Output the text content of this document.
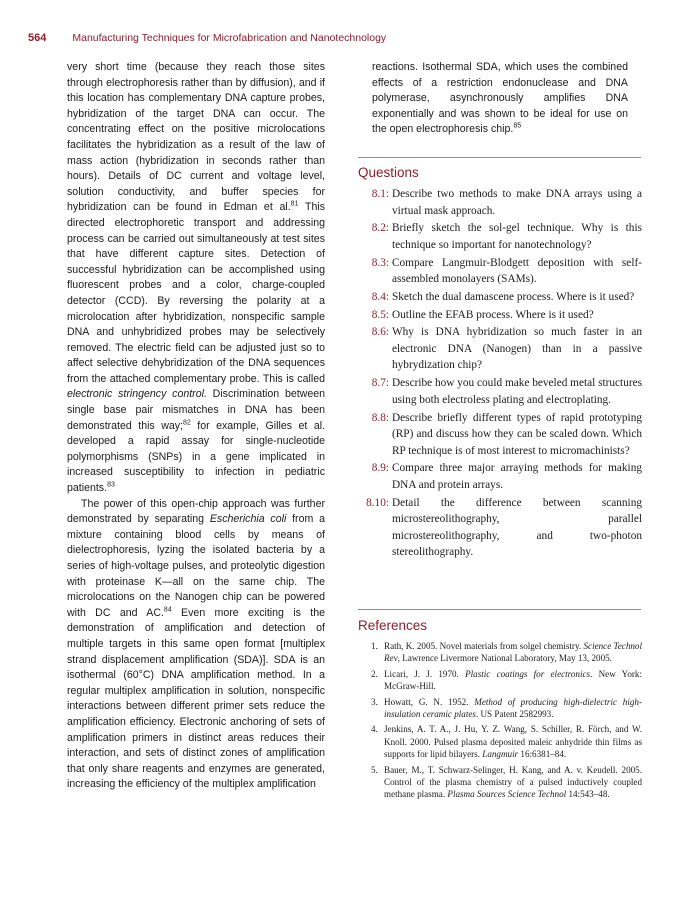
564 Manufacturing Techniques for Microfabrication and Nanotechnology

very short time (because they reach those sites through electrophoresis rather than by diffusion), and if this location has complementary DNA capture probes, hybridization of the target DNA can occur. The concentrating effect on the positive microlocations facilitates the hybridization as a result of the law of mass action (hybridization in seconds rather than hours). Details of DC current and voltage level, solution conductivity, and buffer species for hybridization can be found in Edman et al.$^{81}$ This directed electrophoretic transport and addressing process can be carried out simultaneously at test sites that have different capture sites. Detection of successful hybridization can be accomplished using fluorescent probes and a color, charge-coupled detector (CCD). By reversing the polarity at a microlocation after hybridization, nonspecific sample DNA and unhybridized probes may be selectively removed. The electric field can be adjusted just so to affect selective dehybridization of the DNA sequences from the attached complementary probe. This is called electronic stringency control. Discrimination between single base pair mismatches in DNA has been demonstrated this way;$^{82}$ for example, Gilles et al. developed a rapid assay for single-nucleotide polymorphisms (SNPs) in a gene implicated in increased susceptibility to infection in pediatric patients.$^{83}$

The power of this open-chip approach was further demonstrated by separating Escherichia coli from a mixture containing blood cells by means of dielectrophoresis, lyzing the isolated bacteria by a series of high-voltage pulses, and proteolytic digestion with proteinase K—all on the same chip. The microlocations on the Nanogen chip can be powered with DC and AC.$^{84}$ Even more exciting is the demonstration of amplification and detection of multiple targets in this same open format [multiplex strand displacement amplification (SDA)]. SDA is an isothermal (60°C) DNA amplification method. In a regular multiplex amplification in solution, nonspecific interactions between different primer sets reduce the amplification efficiency. Electronic anchoring of sets of amplification primers in distinct areas reduces their interaction, and sets of distinct zones of amplification that only share reagents and enzymes are generated, increasing the efficiency of the multiplex amplification

reactions. Isothermal SDA, which uses the combined effects of a restriction endonuclease and DNA polymerase, asynchronously amplifies DNA exponentially and was shown to be ideal for use on the open electrophoresis chip.$^{85}$
Questions
8.1: Describe two methods to make DNA arrays using a virtual mask approach.
8.2: Briefly sketch the sol-gel technique. Why is this technique so important for nanotechnology?
8.3: Compare Langmuir-Blodgett deposition with self-assembled monolayers (SAMs).
8.4: Sketch the dual damascene process. Where is it used?
8.5: Outline the EFAB process. Where is it used?
8.6: Why is DNA hybridization so much faster in an electronic DNA (Nanogen) than in a passive hybrydization chip?
8.7: Describe how you could make beveled metal structures using both electroless plating and electroplating.
8.8: Describe briefly different types of rapid prototyping (RP) and discuss how they can be scaled down. Which RP technique is of most interest to micromachinists?
8.9: Compare three major arraying methods for making DNA and protein arrays.
8.10: Detail the difference between scanning microstereolithography, parallel microstereolithography, and two-photon stereolithography.
References
1. Rath, K. 2005. Novel materials from solgel chemistry. Science Technol Rev, Lawrence Livermore National Laboratory, May 13, 2005.
2. Licari, J. J. 1970. Plastic coatings for electronics. New York: McGraw-Hill.
3. Howatt, G. N. 1952. Method of producing high-dielectric high-insulation ceramic plates. US Patent 2582993.
4. Jenkins, A. T. A., J. Hu, Y. Z. Wang, S. Schiller, R. Förch, and W. Knoll. 2000. Pulsed plasma deposited maleic anhydride thin films as supports for lipid bilayers. Langmuir 16:6381–84.
5. Bauer, M., T. Schwarz-Selinger, H. Kang, and A. v. Keudell. 2005. Control of the plasma chemistry of a pulsed inductively coupled methane plasma. Plasma Sources Science Technol 14:543–48.
